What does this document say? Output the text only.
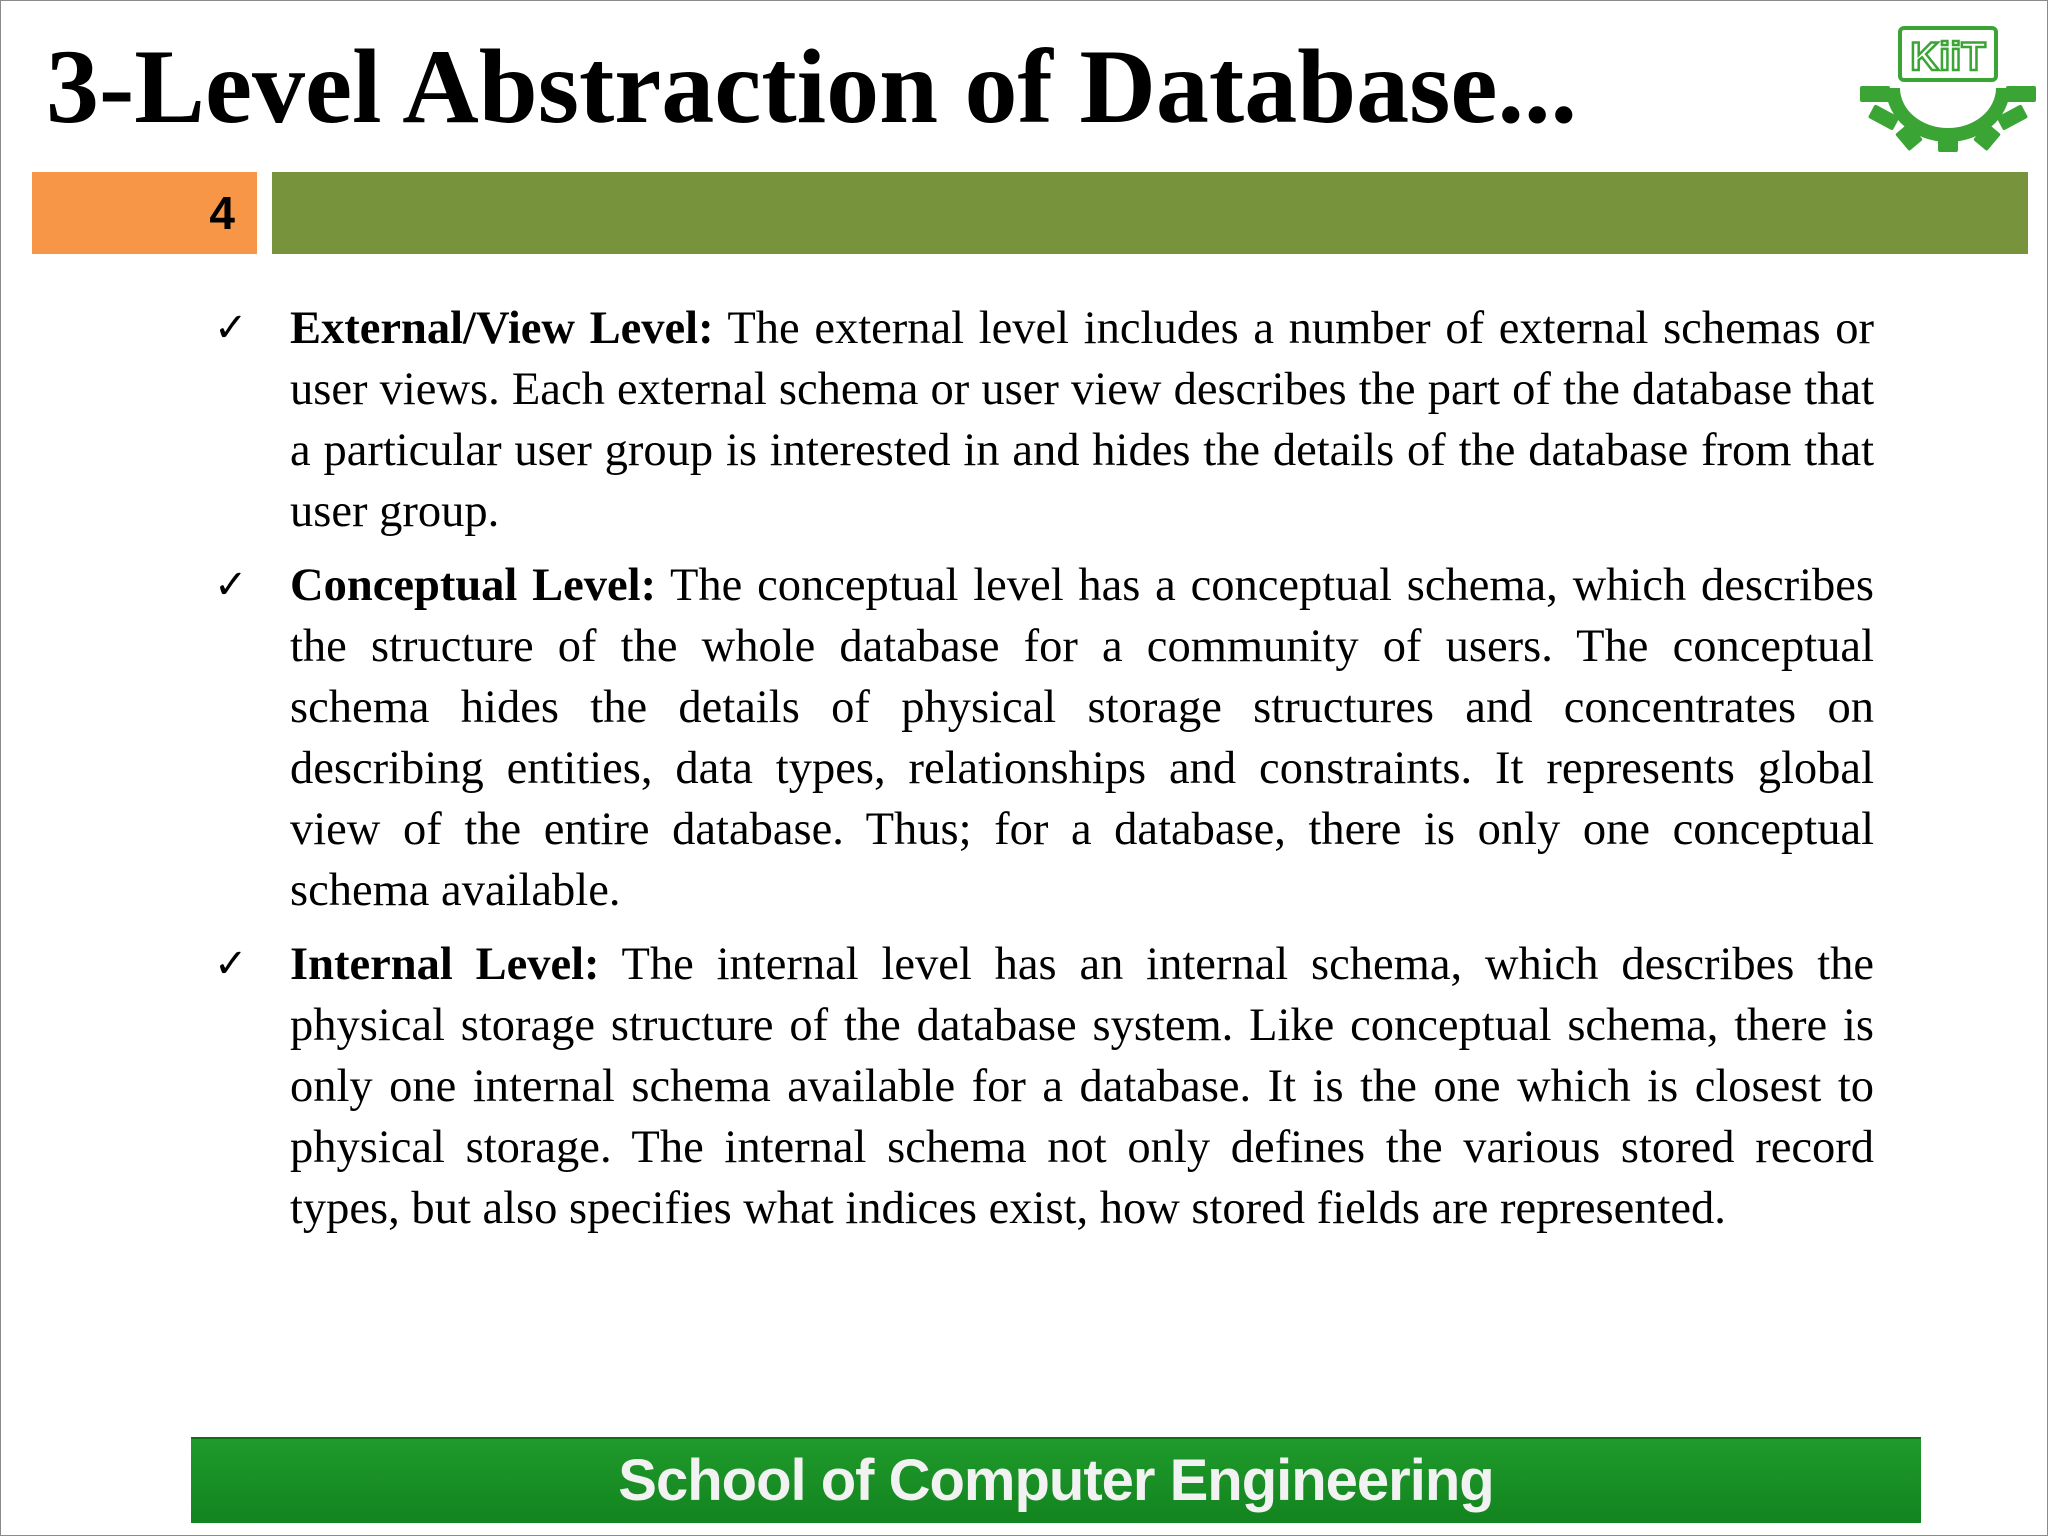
3-Level Abstraction of Database...	KiiT
4
✓ External/View Level: The external level includes a number of external schemas or user views. Each external schema or user view describes the part of the database that a particular user group is interested in and hides the details of the database from that user group.
✓ Conceptual Level: The conceptual level has a conceptual schema, which describes the structure of the whole database for a community of users. The conceptual schema hides the details of physical storage structures and concentrates on describing entities, data types, relationships and constraints. It represents global view of the entire database. Thus; for a database, there is only one conceptual schema available.
✓ Internal Level: The internal level has an internal schema, which describes the physical storage structure of the database system. Like conceptual schema, there is only one internal schema available for a database. It is the one which is closest to physical storage. The internal schema not only defines the various stored record types, but also specifies what indices exist, how stored fields are represented.
School of Computer Engineering
